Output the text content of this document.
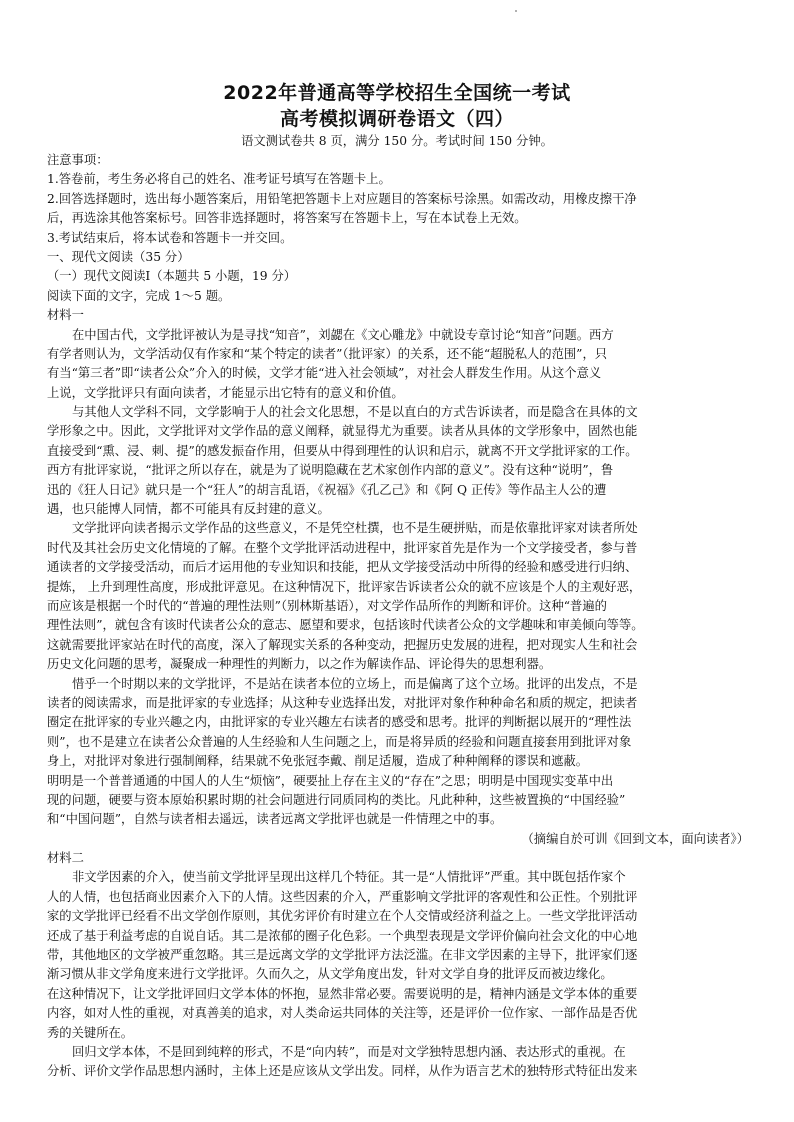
2022年普通高等学校招生全国统一考试
高考模拟调研卷语文（四）
语文测试卷共 8 页，满分 150 分。考试时间 150 分钟。
注意事项：
1.答卷前，考生务必将自己的姓名、准考证号填写在答题卡上。
2.回答选择题时，选出每小题答案后，用铅笔把答题卡上对应题目的答案标号涂黑。如需改动，用橡皮擦干净
后，再选涂其他答案标号。回答非选择题时，将答案写在答题卡上，写在本试卷上无效。
3.考试结束后，将本试卷和答题卡一并交回。
一、现代文阅读（35 分）
（一）现代文阅读Ⅰ（本题共 5 小题，19 分）
阅读下面的文字，完成 1～5 题。
材料一
在中国古代，文学批评被认为是寻找“知音”，刘勰在《文心雕龙》中就设专章讨论“知音”问题。西方
有学者则认为，文学活动仅有作家和“某个特定的读者”（批评家）的关系，还不能“超脱私人的范围”，只
有当“第三者”即“读者公众”介入的时候，文学才能“进入社会领域”，对社会人群发生作用。从这个意义
上说，文学批评只有面向读者，才能显示出它特有的意义和价值。
与其他人文学科不同，文学影响于人的社会文化思想，不是以直白的方式告诉读者，而是隐含在具体的文
学形象之中。因此，文学批评对文学作品的意义阐释，就显得尤为重要。读者从具体的文学形象中，固然也能
直接受到“熏、浸、刺、提”的感发振奋作用，但要从中得到理性的认识和启示，就离不开文学批评家的工作。
西方有批评家说，“批评之所以存在，就是为了说明隐藏在艺术家创作内部的意义”。没有这种“说明”，鲁
迅的《狂人日记》就只是一个“狂人”的胡言乱语，《祝福》《孔乙己》和《阿 Q 正传》等作品主人公的遭
遇，也只能博人同情，都不可能具有反封建的意义。
文学批评向读者揭示文学作品的这些意义，不是凭空杜撰，也不是生硬拼贴，而是依靠批评家对读者所处
时代及其社会历史文化情境的了解。在整个文学批评活动进程中，批评家首先是作为一个文学接受者，参与普
通读者的文学接受活动，而后才运用他的专业知识和技能，把从文学接受活动中所得的经验和感受进行归纳、
提炼， 上升到理性高度，形成批评意见。在这种情况下，批评家告诉读者公众的就不应该是个人的主观好恶，
而应该是根据一个时代的“普遍的理性法则”（别林斯基语），对文学作品所作的判断和评价。这种“普遍的
理性法则”，就包含有该时代读者公众的意志、愿望和要求，包括该时代读者公众的文学趣味和审美倾向等等。
这就需要批评家站在时代的高度，深入了解现实关系的各种变动，把握历史发展的进程，把对现实人生和社会
历史文化问题的思考，凝聚成一种理性的判断力，以之作为解读作品、评论得失的思想利器。
惜乎一个时期以来的文学批评，不是站在读者本位的立场上，而是偏离了这个立场。批评的出发点，不是
读者的阅读需求，而是批评家的专业选择；从这种专业选择出发，对批评对象作种种命名和质的规定，把读者
圈定在批评家的专业兴趣之内，由批评家的专业兴趣左右读者的感受和思考。批评的判断据以展开的“理性法
则”，也不是建立在读者公众普遍的人生经验和人生问题之上，而是将异质的经验和问题直接套用到批评对象
身上，对批评对象进行强制阐释，结果就不免张冠李戴、削足适履，造成了种种阐释的谬误和遮蔽。
明明是一个普普通通的中国人的人生“烦恼”，硬要扯上存在主义的“存在”之思；明明是中国现实变革中出
现的问题，硬要与资本原始积累时期的社会问题进行同质同构的类比。凡此种种，这些被置换的“中国经验”
和“中国问题”，自然与读者相去遥远，读者远离文学批评也就是一件情理之中的事。
（摘编自於可训《回到文本，面向读者》）
材料二
非文学因素的介入，使当前文学批评呈现出这样几个特征。其一是“人情批评”严重。其中既包括作家个
人的人情，也包括商业因素介入下的人情。这些因素的介入，严重影响文学批评的客观性和公正性。个别批评
家的文学批评已经看不出文学创作原则，其优劣评价有时建立在个人交情或经济利益之上。一些文学批评活动
还成了基于利益考虑的自说自话。其二是浓郁的圈子化色彩。一个典型表现是文学评价偏向社会文化的中心地
带，其他地区的文学被严重忽略。其三是远离文学的文学批评方法泛滥。在非文学因素的主导下，批评家们逐
渐习惯从非文学角度来进行文学批评。久而久之，从文学角度出发，针对文学自身的批评反而被边缘化。
在这种情况下，让文学批评回归文学本体的怀抱，显然非常必要。需要说明的是，精神内涵是文学本体的重要
内容，如对人性的重视，对真善美的追求，对人类命运共同体的关注等，还是评价一位作家、一部作品是否优
秀的关键所在。
回归文学本体，不是回到纯粹的形式，不是“向内转”，而是对文学独特思想内涵、表达形式的重视。在
分析、评价文学作品思想内涵时，主体上还是应该从文学出发。同样，从作为语言艺术的独特形式特征出发来
